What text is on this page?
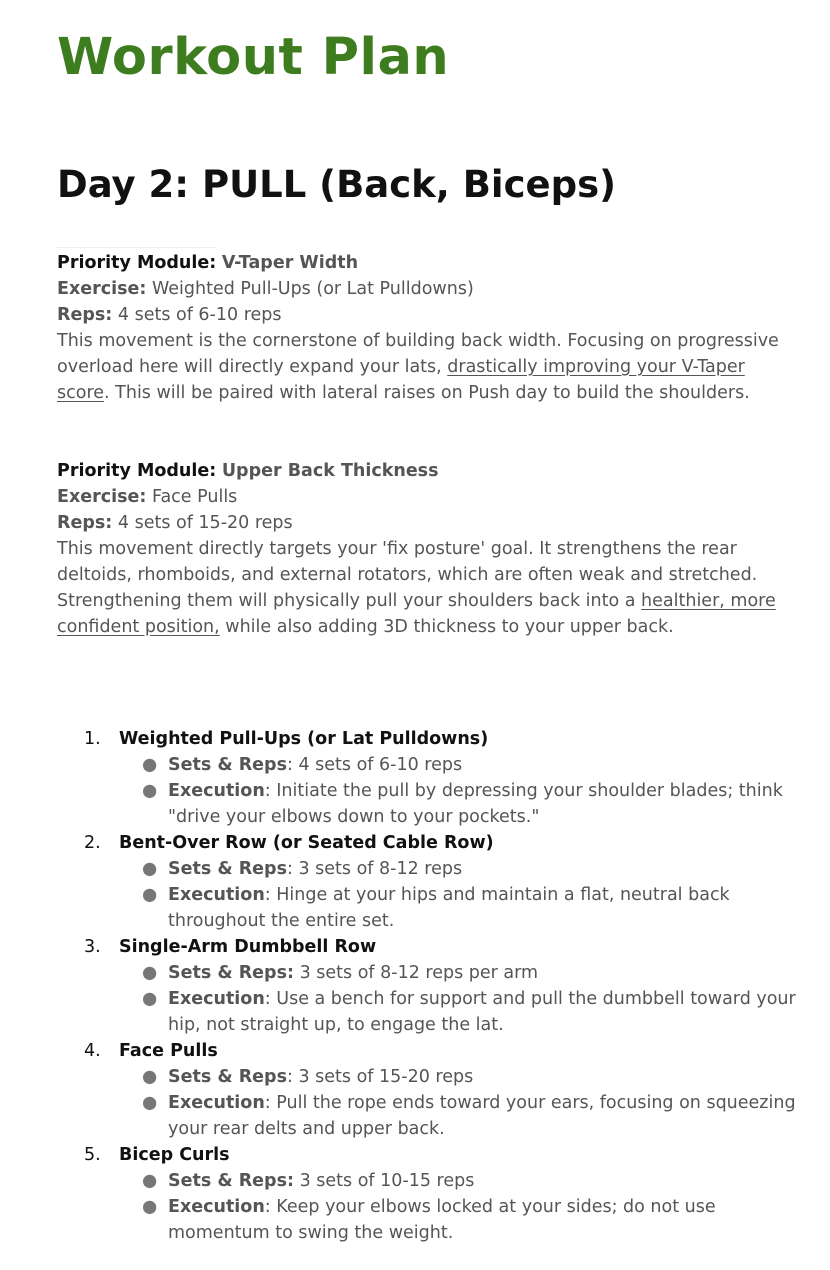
Workout Plan
Day 2: PULL (Back, Biceps)

Priority Module: V-Taper Width

Exercise: Weighted Pull-Ups (or Lat Pulldowns)

Reps: 4 sets of 6-10 reps

This movement is the cornerstone of building back width. Focusing on progressive overload here will directly expand your lats, drastically improving your V-Taper score. This will be paired with lateral raises on Push day to build the shoulders.

Priority Module: Upper Back Thickness

Exercise: Face Pulls

Reps: 4 sets of 15-20 reps

This movement directly targets your 'fix posture' goal. It strengthens the rear deltoids, rhomboids, and external rotators, which are often weak and stretched. Strengthening them will physically pull your shoulders back into a healthier, more confident position, while also adding 3D thickness to your upper back.

1. Weighted Pull-Ups (or Lat Pulldowns)
● Sets & Reps: 4 sets of 6-10 reps
● Execution: Initiate the pull by depressing your shoulder blades; think "drive your elbows down to your pockets."
2. Bent-Over Row (or Seated Cable Row)
● Sets & Reps: 3 sets of 8-12 reps
● Execution: Hinge at your hips and maintain a flat, neutral back throughout the entire set.
3. Single-Arm Dumbbell Row
● Sets & Reps: 3 sets of 8-12 reps per arm
● Execution: Use a bench for support and pull the dumbbell toward your hip, not straight up, to engage the lat.
4. Face Pulls
● Sets & Reps: 3 sets of 15-20 reps
● Execution: Pull the rope ends toward your ears, focusing on squeezing your rear delts and upper back.
5. Bicep Curls
● Sets & Reps: 3 sets of 10-15 reps
● Execution: Keep your elbows locked at your sides; do not use momentum to swing the weight.
